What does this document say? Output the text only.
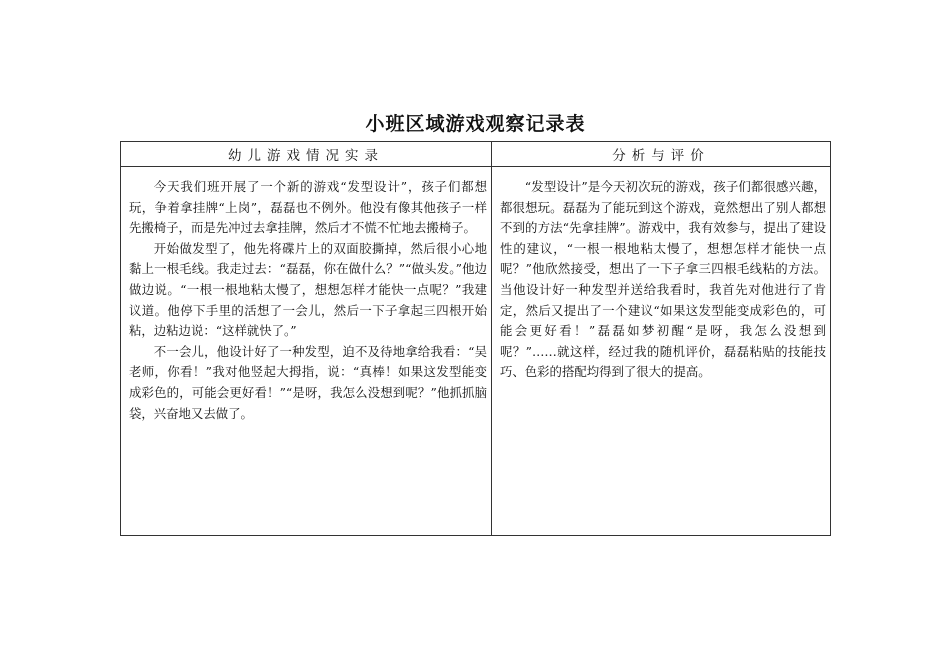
小班区域游戏观察记录表
幼儿游戏情况实录	分析与评价

今天我们班开展了一个新的游戏“发型设计”，孩子们都想玩，争着拿挂牌“上岗”，磊磊也不例外。他没有像其他孩子一样先搬椅子，而是先冲过去拿挂牌，然后才不慌不忙地去搬椅子。

开始做发型了，他先将碟片上的双面胶撕掉，然后很小心地黏上一根毛线。我走过去：“磊磊，你在做什么？”“做头发。”他边做边说。“一根一根地粘太慢了，想想怎样才能快一点呢？”我建议道。他停下手里的活想了一会儿，然后一下子拿起三四根开始粘，边粘边说：“这样就快了。”

不一会儿，他设计好了一种发型，迫不及待地拿给我看：“吴老师，你看！”我对他竖起大拇指，说：“真棒！如果这发型能变成彩色的，可能会更好看！”“是呀，我怎么没想到呢？”他抓抓脑袋，兴奋地又去做了。

“发型设计”是今天初次玩的游戏，孩子们都很感兴趣，都很想玩。磊磊为了能玩到这个游戏，竟然想出了别人都想不到的方法“先拿挂牌”。游戏中，我有效参与，提出了建设性的建议，“一根一根地粘太慢了，想想怎样才能快一点呢？”他欣然接受，想出了一下子拿三四根毛线粘的方法。当他设计好一种发型并送给我看时，我首先对他进行了肯定，然后又提出了一个建议“如果这发型能变成彩色的，可能会更好看！”磊磊如梦初醒“是呀，我怎么没想到呢？”……就这样，经过我的随机评价，磊磊粘贴的技能技巧、色彩的搭配均得到了很大的提高。
